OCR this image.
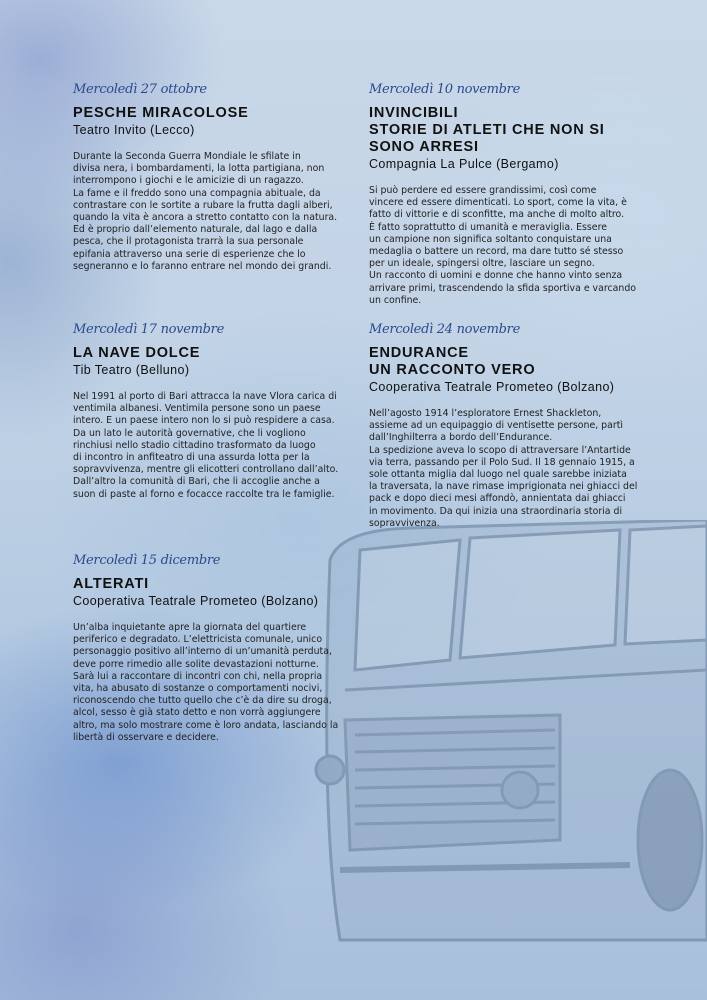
Mercoledì 27 ottobre

PESCHE MIRACOLOSE

Teatro Invito (Lecco)

Durante la Seconda Guerra Mondiale le sfilate in
divisa nera, i bombardamenti, la lotta partigiana, non
interrompono i giochi e le amicizie di un ragazzo.
La fame e il freddo sono una compagnia abituale, da
contrastare con le sortite a rubare la frutta dagli alberi,
quando la vita è ancora a stretto contatto con la natura.
Ed è proprio dall’elemento naturale, dal lago e dalla
pesca, che il protagonista trarrà la sua personale
epifania attraverso una serie di esperienze che lo
segneranno e lo faranno entrare nel mondo dei grandi.

Mercoledì 10 novembre

INVINCIBILI
STORIE DI ATLETI CHE NON SI SONO ARRESI

Compagnia La Pulce (Bergamo)

Si può perdere ed essere grandissimi, così come
vincere ed essere dimenticati. Lo sport, come la vita, è
fatto di vittorie e di sconfitte, ma anche di molto altro.
È fatto soprattutto di umanità e meraviglia. Essere
un campione non significa soltanto conquistare una
medaglia o battere un record, ma dare tutto sé stesso
per un ideale, spingersi oltre, lasciare un segno.
Un racconto di uomini e donne che hanno vinto senza
arrivare primi, trascendendo la sfida sportiva e varcando
un confine.

Mercoledì 17 novembre

LA NAVE DOLCE

Tib Teatro (Belluno)

Nel 1991 al porto di Bari attracca la nave Vlora carica di
ventimila albanesi. Ventimila persone sono un paese
intero. E un paese intero non lo si può respidere a casa.
Da un lato le autorità governative, che li vogliono
rinchiusi nello stadio cittadino trasformato da luogo
di incontro in anfiteatro di una assurda lotta per la
sopravvivenza, mentre gli elicotteri controllano dall’alto.
Dall’altro la comunità di Bari, che li accoglie anche a
suon di paste al forno e focacce raccolte tra le famiglie.

Mercoledì 24 novembre

ENDURANCE
UN RACCONTO VERO

Cooperativa Teatrale Prometeo (Bolzano)

Nell’agosto 1914 l’esploratore Ernest Shackleton,
assieme ad un equipaggio di ventisette persone, partì
dall’Inghilterra a bordo dell’Endurance.
La spedizione aveva lo scopo di attraversare l’Antartide
via terra, passando per il Polo Sud. Il 18 gennaio 1915, a
sole ottanta miglia dal luogo nel quale sarebbe iniziata
la traversata, la nave rimase imprigionata nei ghiacci del
pack e dopo dieci mesi affondò, annientata dai ghiacci
in movimento. Da qui inizia una straordinaria storia di
sopravvivenza.

Mercoledì 15 dicembre

ALTERATI

Cooperativa Teatrale Prometeo (Bolzano)

Un’alba inquietante apre la giornata del quartiere
periferico e degradato. L’elettricista comunale, unico
personaggio positivo all’interno di un’umanità perduta,
deve porre rimedio alle solite devastazioni notturne.
Sarà lui a raccontare di incontri con chi, nella propria
vita, ha abusato di sostanze o comportamenti nocivi,
riconoscendo che tutto quello che c’è da dire su droga,
alcol, sesso è già stato detto e non vorrà aggiungere
altro, ma solo mostrare come è loro andata, lasciando la
libertà di osservare e decidere.
